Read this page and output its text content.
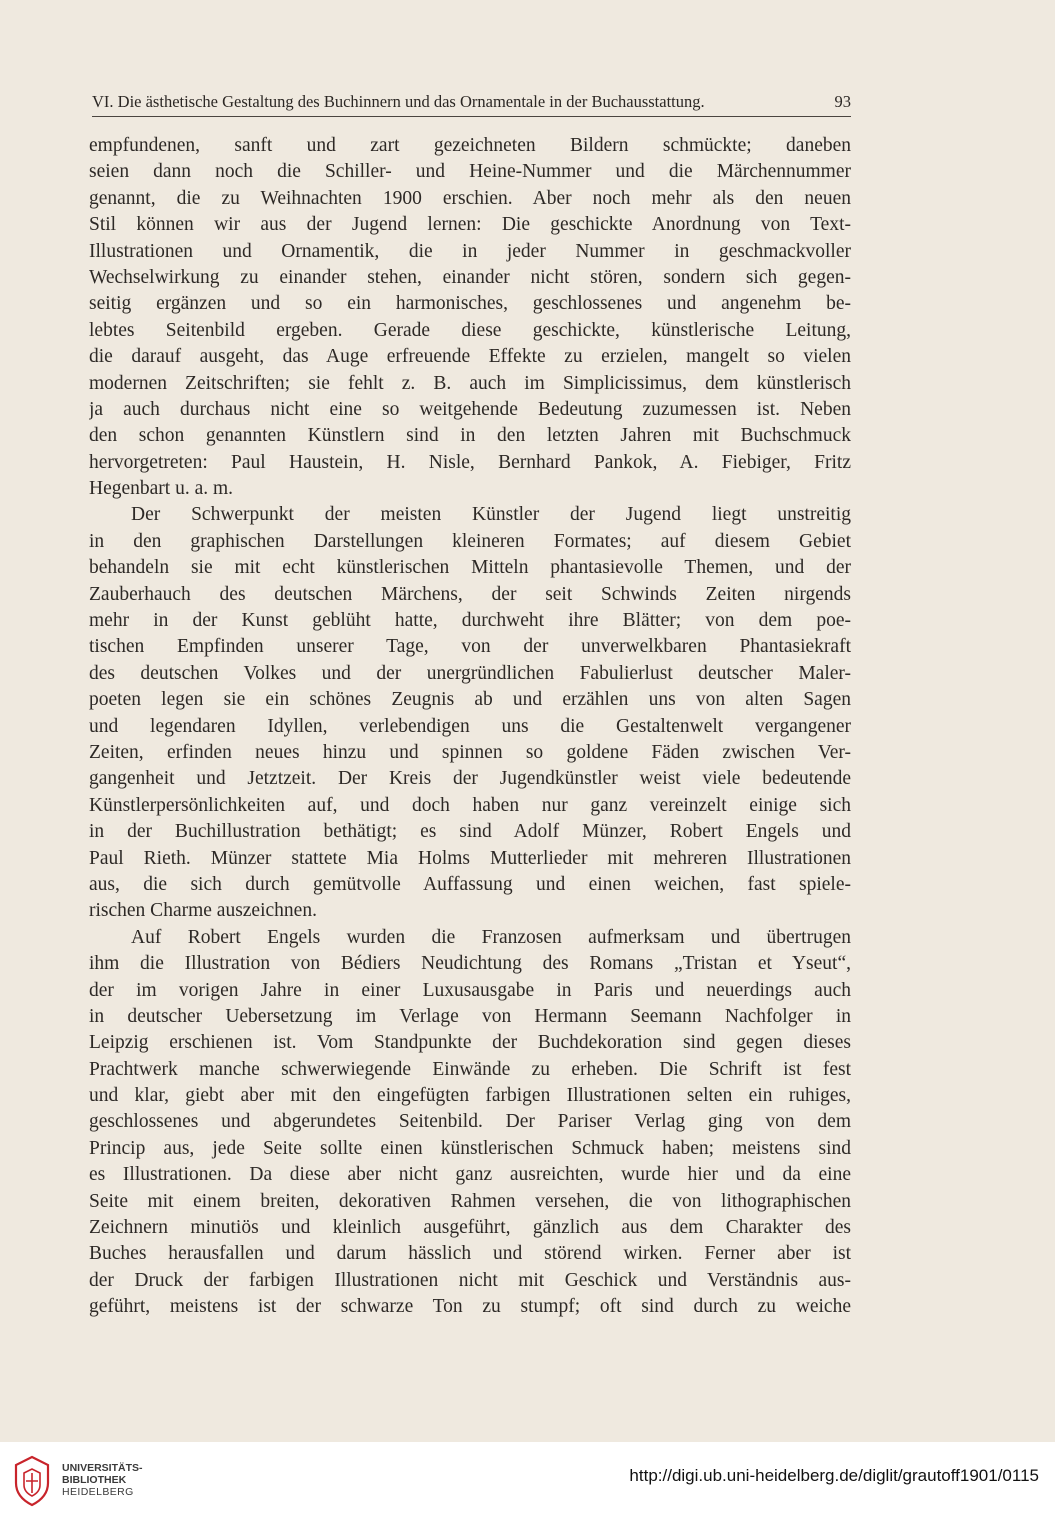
VI. Die ästhetische Gestaltung des Buchinnern und das Ornamentale in der Buchausstattung.	93
empfundenen, sanft und zart gezeichneten Bildern schmückte; daneben
seien dann noch die Schiller- und Heine-Nummer und die Märchennummer
genannt, die zu Weihnachten 1900 erschien. Aber noch mehr als den neuen
Stil können wir aus der Jugend lernen: Die geschickte Anordnung von Text-
Illustrationen und Ornamentik, die in jeder Nummer in geschmackvoller
Wechselwirkung zu einander stehen, einander nicht stören, sondern sich gegen-
seitig ergänzen und so ein harmonisches, geschlossenes und angenehm be-
lebtes Seitenbild ergeben. Gerade diese geschickte, künstlerische Leitung,
die darauf ausgeht, das Auge erfreuende Effekte zu erzielen, mangelt so vielen
modernen Zeitschriften; sie fehlt z. B. auch im Simplicissimus, dem künstlerisch
ja auch durchaus nicht eine so weitgehende Bedeutung zuzumessen ist. Neben
den schon genannten Künstlern sind in den letzten Jahren mit Buchschmuck
hervorgetreten: Paul Haustein, H. Nisle, Bernhard Pankok, A. Fiebiger, Fritz
Hegenbart u. a. m.
Der Schwerpunkt der meisten Künstler der Jugend liegt unstreitig
in den graphischen Darstellungen kleineren Formates; auf diesem Gebiet
behandeln sie mit echt künstlerischen Mitteln phantasievolle Themen, und der
Zauberhauch des deutschen Märchens, der seit Schwinds Zeiten nirgends
mehr in der Kunst geblüht hatte, durchweht ihre Blätter; von dem poe-
tischen Empfinden unserer Tage, von der unverwelkbaren Phantasiekraft
des deutschen Volkes und der unergründlichen Fabulierlust deutscher Maler-
poeten legen sie ein schönes Zeugnis ab und erzählen uns von alten Sagen
und legendaren Idyllen, verlebendigen uns die Gestaltenwelt vergangener
Zeiten, erfinden neues hinzu und spinnen so goldene Fäden zwischen Ver-
gangenheit und Jetztzeit. Der Kreis der Jugendkünstler weist viele bedeutende
Künstlerpersönlichkeiten auf, und doch haben nur ganz vereinzelt einige sich
in der Buchillustration bethätigt; es sind Adolf Münzer, Robert Engels und
Paul Rieth. Münzer stattete Mia Holms Mutterlieder mit mehreren Illustrationen
aus, die sich durch gemütvolle Auffassung und einen weichen, fast spiele-
rischen Charme auszeichnen.
Auf Robert Engels wurden die Franzosen aufmerksam und übertrugen
ihm die Illustration von Bédiers Neudichtung des Romans „Tristan et Yseut“,
der im vorigen Jahre in einer Luxusausgabe in Paris und neuerdings auch
in deutscher Uebersetzung im Verlage von Hermann Seemann Nachfolger in
Leipzig erschienen ist. Vom Standpunkte der Buchdekoration sind gegen dieses
Prachtwerk manche schwerwiegende Einwände zu erheben. Die Schrift ist fest
und klar, giebt aber mit den eingefügten farbigen Illustrationen selten ein ruhiges,
geschlossenes und abgerundetes Seitenbild. Der Pariser Verlag ging von dem
Princip aus, jede Seite sollte einen künstlerischen Schmuck haben; meistens sind
es Illustrationen. Da diese aber nicht ganz ausreichten, wurde hier und da eine
Seite mit einem breiten, dekorativen Rahmen versehen, die von lithographischen
Zeichnern minutiös und kleinlich ausgeführt, gänzlich aus dem Charakter des
Buches herausfallen und darum hässlich und störend wirken. Ferner aber ist
der Druck der farbigen Illustrationen nicht mit Geschick und Verständnis aus-
geführt, meistens ist der schwarze Ton zu stumpf; oft sind durch zu weiche
UNIVERSITÄTS-
BIBLIOTHEK
HEIDELBERG
http://digi.ub.uni-heidelberg.de/diglit/grautoff1901/0115
